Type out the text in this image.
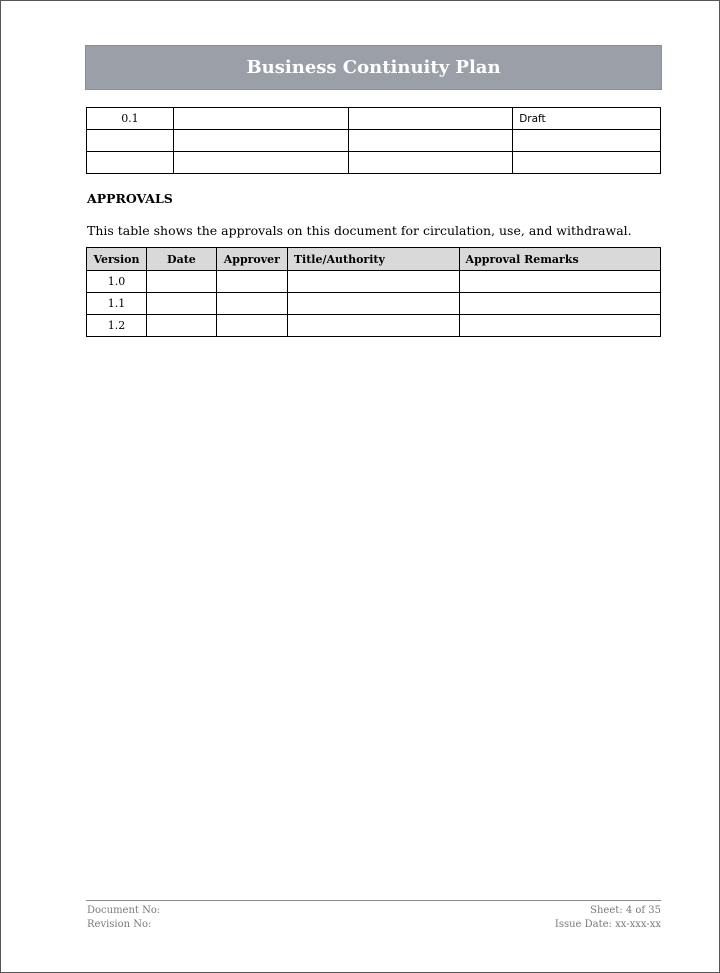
Business Continuity Plan
0.1			Draft

APPROVALS
This table shows the approvals on this document for circulation, use, and withdrawal.
Version	Date	Approver	Title/Authority	Approval Remarks
1.0				
1.1				
1.2				
Document No:
Revision No:
Sheet: 4 of 35
Issue Date: xx-xxx-xx
